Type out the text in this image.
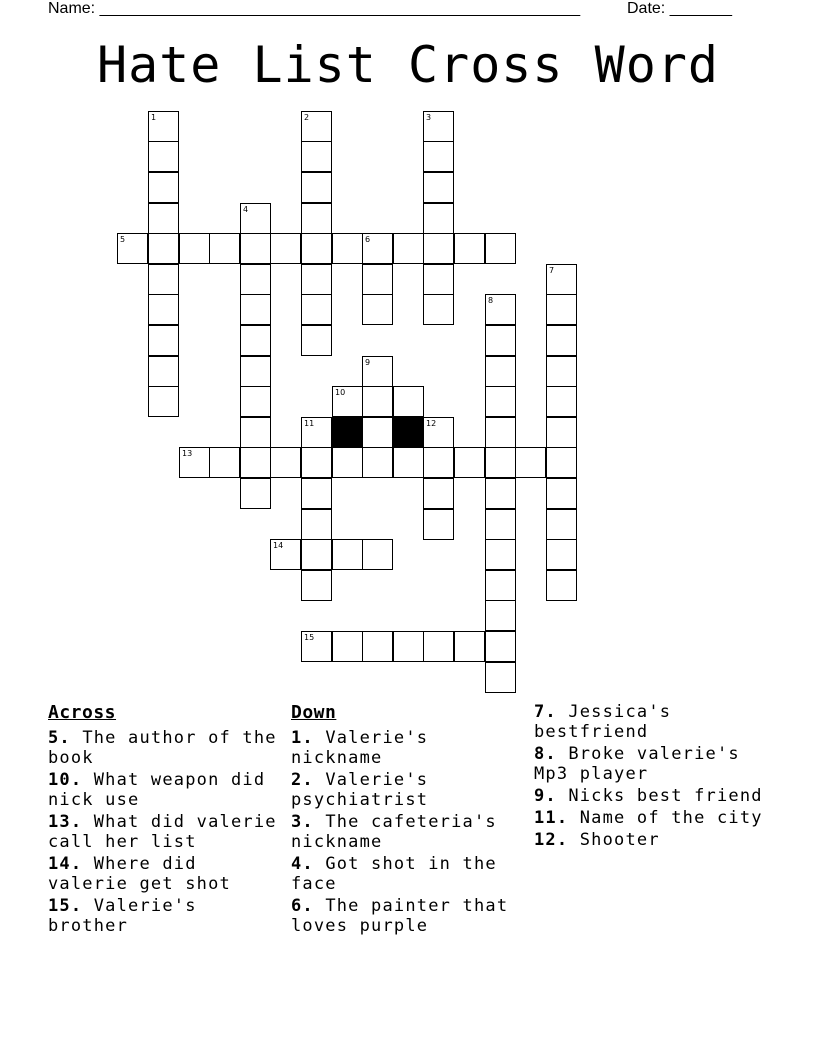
Name: ______________________________________________________	Date: _______
Hate List Cross Word
1	2	3
4
5	6
7
8
9
10
11	12
13
14
15
Across
5. The author of the book
10. What weapon did nick use
13. What did valerie call her list
14. Where did valerie get shot
15. Valerie's brother
Down
1. Valerie's nickname
2. Valerie's psychiatrist
3. The cafeteria's nickname
4. Got shot in the face
6. The painter that loves purple
7. Jessica's bestfriend
8. Broke valerie's Mp3 player
9. Nicks best friend
11. Name of the city
12. Shooter
